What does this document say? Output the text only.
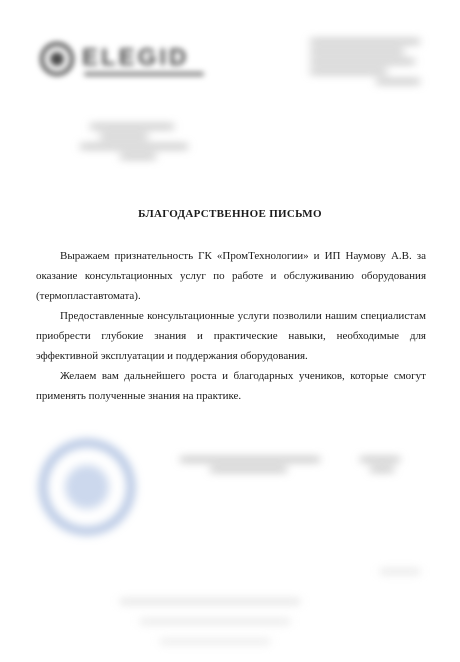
ELEGID
БЛАГОДАРСТВЕННОЕ ПИСЬМО

Выражаем признательность ГК «ПромТехнологии» и ИП Наумову А.В. за оказание консультационных услуг по работе и обслуживанию оборудования (термопластавтомата).

Предоставленные консультационные услуги позволили нашим специалистам приобрести глубокие знания и практические навыки, необходимые для эффективной эксплуатации и поддержания оборудования.

Желаем вам дальнейшего роста и благодарных учеников, которые смогут применять полученные знания на практике.
